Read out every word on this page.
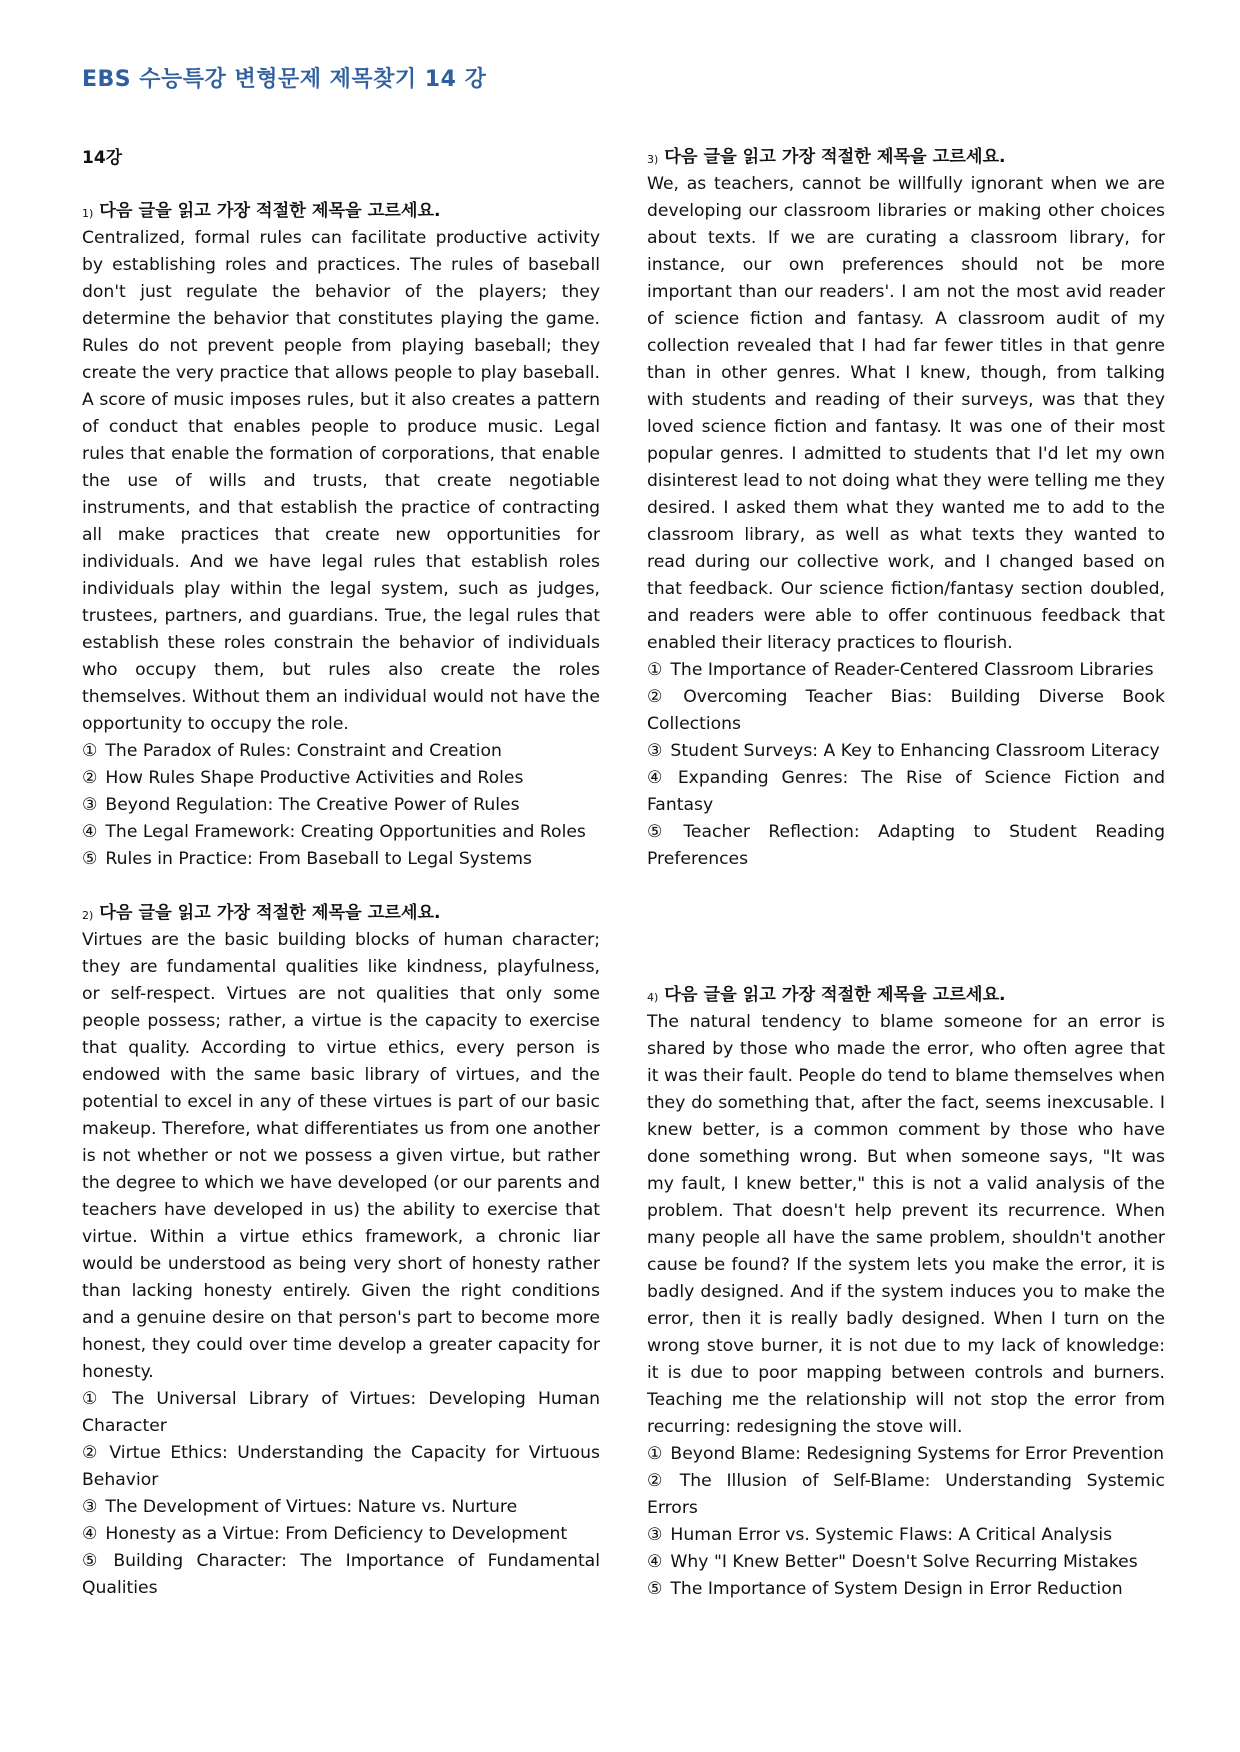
EBS 수능특강 변형문제 제목찾기 14 강
14강
$^{1)}$ 다음 글을 읽고 가장 적절한 제목을 고르세요.

Centralized, formal rules can facilitate productive activity by establishing roles and practices. The rules of baseball don't just regulate the behavior of the players; they determine the behavior that constitutes playing the game. Rules do not prevent people from playing baseball; they create the very practice that allows people to play baseball. A score of music imposes rules, but it also creates a pattern of conduct that enables people to produce music. Legal rules that enable the formation of corporations, that enable the use of wills and trusts, that create negotiable instruments, and that establish the practice of contracting all make practices that create new opportunities for individuals. And we have legal rules that establish roles individuals play within the legal system, such as judges, trustees, partners, and guardians. True, the legal rules that establish these roles constrain the behavior of individuals who occupy them, but rules also create the roles themselves. Without them an individual would not have the opportunity to occupy the role.

① The Paradox of Rules: Constraint and Creation
② How Rules Shape Productive Activities and Roles
③ Beyond Regulation: The Creative Power of Rules
④ The Legal Framework: Creating Opportunities and Roles
⑤ Rules in Practice: From Baseball to Legal Systems
$^{2)}$ 다음 글을 읽고 가장 적절한 제목을 고르세요.

Virtues are the basic building blocks of human character; they are fundamental qualities like kindness, playfulness, or self-respect. Virtues are not qualities that only some people possess; rather, a virtue is the capacity to exercise that quality. According to virtue ethics, every person is endowed with the same basic library of virtues, and the potential to excel in any of these virtues is part of our basic makeup. Therefore, what differentiates us from one another is not whether or not we possess a given virtue, but rather the degree to which we have developed (or our parents and teachers have developed in us) the ability to exercise that virtue. Within a virtue ethics framework, a chronic liar would be understood as being very short of honesty rather than lacking honesty entirely. Given the right conditions and a genuine desire on that person's part to become more honest, they could over time develop a greater capacity for honesty.

① The Universal Library of Virtues: Developing Human Character
② Virtue Ethics: Understanding the Capacity for Virtuous Behavior
③ The Development of Virtues: Nature vs. Nurture
④ Honesty as a Virtue: From Deficiency to Development
⑤ Building Character: The Importance of Fundamental Qualities
$^{3)}$ 다음 글을 읽고 가장 적절한 제목을 고르세요.

We, as teachers, cannot be willfully ignorant when we are developing our classroom libraries or making other choices about texts. If we are curating a classroom library, for instance, our own preferences should not be more important than our readers'. I am not the most avid reader of science fiction and fantasy. A classroom audit of my collection revealed that I had far fewer titles in that genre than in other genres. What I knew, though, from talking with students and reading of their surveys, was that they loved science fiction and fantasy. It was one of their most popular genres. I admitted to students that I'd let my own disinterest lead to not doing what they were telling me they desired. I asked them what they wanted me to add to the classroom library, as well as what texts they wanted to read during our collective work, and I changed based on that feedback. Our science fiction/fantasy section doubled, and readers were able to offer continuous feedback that enabled their literacy practices to flourish.

① The Importance of Reader-Centered Classroom Libraries
② Overcoming Teacher Bias: Building Diverse Book Collections
③ Student Surveys: A Key to Enhancing Classroom Literacy
④ Expanding Genres: The Rise of Science Fiction and Fantasy
⑤ Teacher Reflection: Adapting to Student Reading Preferences
$^{4)}$ 다음 글을 읽고 가장 적절한 제목을 고르세요.

The natural tendency to blame someone for an error is shared by those who made the error, who often agree that it was their fault. People do tend to blame themselves when they do something that, after the fact, seems inexcusable. I knew better, is a common comment by those who have done something wrong. But when someone says, "It was my fault, I knew better," this is not a valid analysis of the problem. That doesn't help prevent its recurrence. When many people all have the same problem, shouldn't another cause be found? If the system lets you make the error, it is badly designed. And if the system induces you to make the error, then it is really badly designed. When I turn on the wrong stove burner, it is not due to my lack of knowledge: it is due to poor mapping between controls and burners. Teaching me the relationship will not stop the error from recurring: redesigning the stove will.

① Beyond Blame: Redesigning Systems for Error Prevention
② The Illusion of Self-Blame: Understanding Systemic Errors
③ Human Error vs. Systemic Flaws: A Critical Analysis
④ Why "I Knew Better" Doesn't Solve Recurring Mistakes
⑤ The Importance of System Design in Error Reduction
